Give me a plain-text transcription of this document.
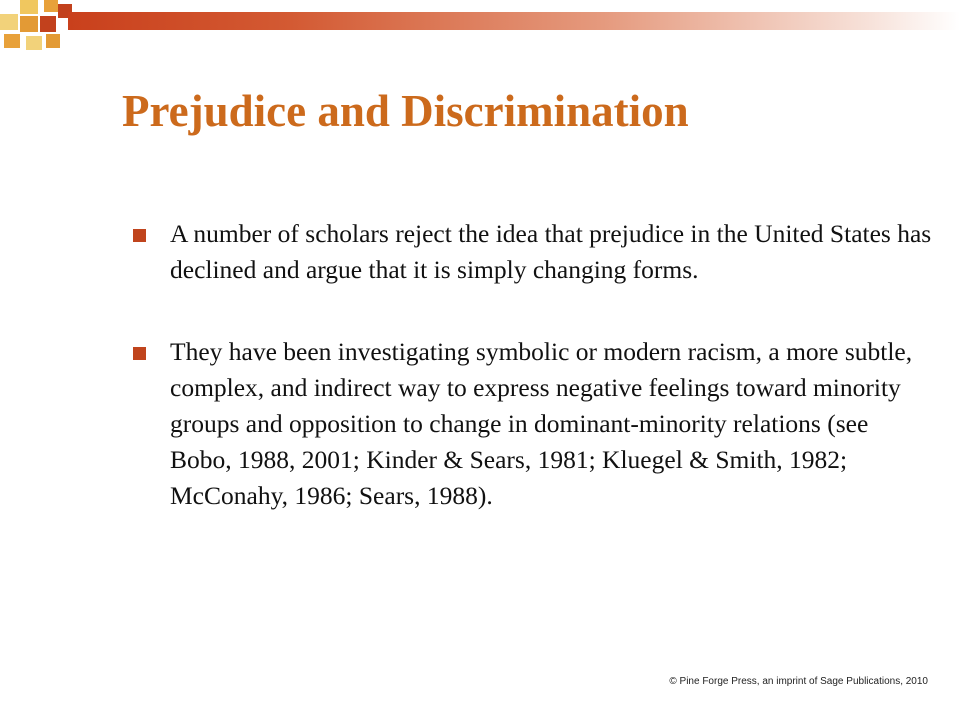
Prejudice and Discrimination
A number of scholars reject the idea that prejudice in the United States has declined and argue that it is simply changing forms.
They have been investigating symbolic or modern racism, a more subtle, complex, and indirect way to express negative feelings toward minority groups and opposition to change in dominant-minority relations (see Bobo, 1988, 2001; Kinder & Sears, 1981; Kluegel & Smith, 1982; McConahy, 1986; Sears, 1988).
© Pine Forge Press, an imprint of Sage Publications, 2010
